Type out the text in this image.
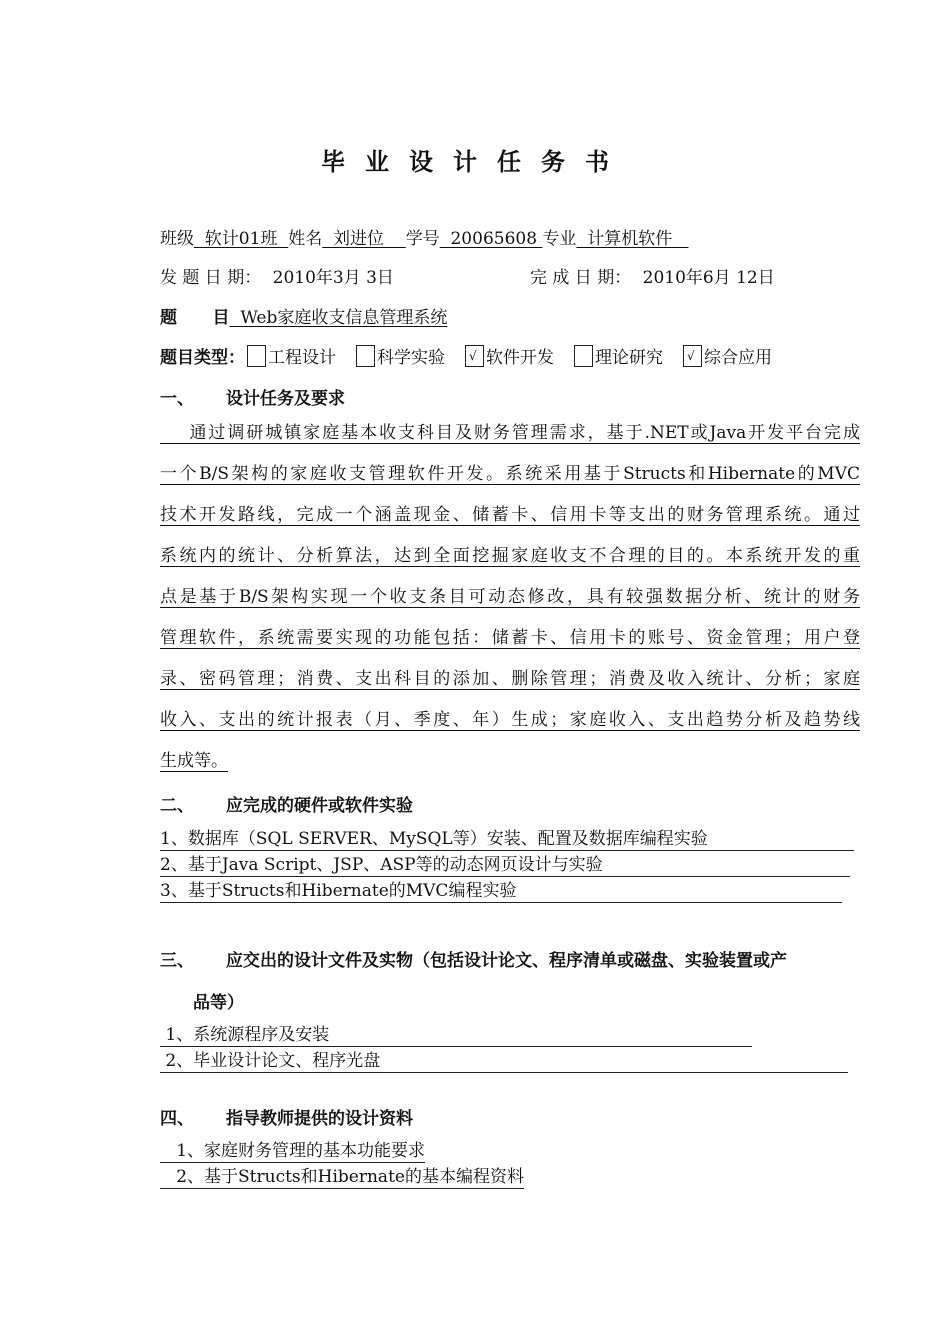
毕业设计任务书
班级  软计01班  姓名  刘进位    学号  20065608 专业  计算机软件
发 题 日 期： 2010年3月 3日	完 成 日 期： 2010年6月 12日
题      目  Web家庭收支信息管理系统
题目类型： 工程设计 科学实验 √ 软件开发 理论研究 √ 综合应用
一、 设计任务及要求
通过调研城镇家庭基本收支科目及财务管理需求，基于.NET或Java开发平台完成
一个B/S架构的家庭收支管理软件开发。系统采用基于Structs和Hibernate的MVC
技术开发路线，完成一个涵盖现金、储蓄卡、信用卡等支出的财务管理系统。通过
系统内的统计、分析算法，达到全面挖掘家庭收支不合理的目的。本系统开发的重
点是基于B/S架构实现一个收支条目可动态修改，具有较强数据分析、统计的财务
管理软件，系统需要实现的功能包括：储蓄卡、信用卡的账号、资金管理；用户登
录、密码管理；消费、支出科目的添加、删除管理；消费及收入统计、分析；家庭
收入、支出的统计报表（月、季度、年）生成；家庭收入、支出趋势分析及趋势线
生成等。
二、 应完成的硬件或软件实验
1、数据库（SQL SERVER、MySQL等）安装、配置及数据库编程实验
2、基于Java Script、JSP、ASP等的动态网页设计与实验
3、基于Structs和Hibernate的MVC编程实验
三、 应交出的设计文件及实物（包括设计论文、程序清单或磁盘、实验装置或产
品等）
1、系统源程序及安装
2、毕业设计论文、程序光盘
四、 指导教师提供的设计资料
1、家庭财务管理的基本功能要求
2、基于Structs和Hibernate的基本编程资料
